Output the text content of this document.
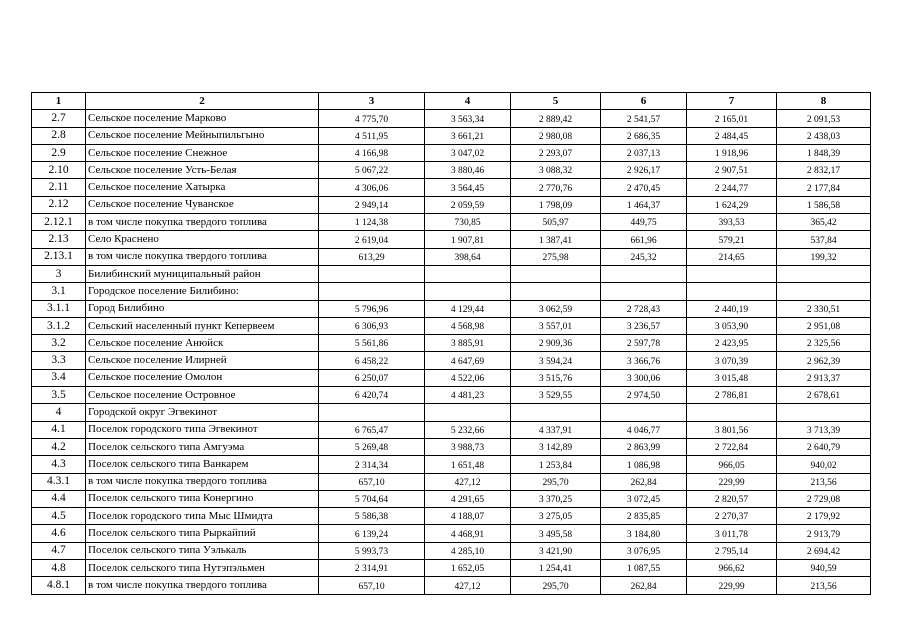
1	2	3	4	5	6	7	8
2.7	Сельское поселение Марково	4 775,70	3 563,34	2 889,42	2 541,57	2 165,01	2 091,53
2.8	Сельское поселение Мейныпильгыно	4 511,95	3 661,21	2 980,08	2 686,35	2 484,45	2 438,03
2.9	Сельское поселение Снежное	4 166,98	3 047,02	2 293,07	2 037,13	1 918,96	1 848,39
2.10	Сельское поселение Усть-Белая	5 067,22	3 880,46	3 088,32	2 926,17	2 907,51	2 832,17
2.11	Сельское поселение Хатырка	4 306,06	3 564,45	2 770,76	2 470,45	2 244,77	2 177,84
2.12	Сельское поселение Чуванское	2 949,14	2 059,59	1 798,09	1 464,37	1 624,29	1 586,58
2.12.1	в том числе покупка твердого топлива	1 124,38	730,85	505,97	449,75	393,53	365,42
2.13	Село Краснено	2 619,04	1 907,81	1 387,41	661,96	579,21	537,84
2.13.1	в том числе покупка твердого топлива	613,29	398,64	275,98	245,32	214,65	199,32
3	Билибинский муниципальный район						
3.1	Городское поселение Билибино:						
3.1.1	Город Билибино	5 796,96	4 129,44	3 062,59	2 728,43	2 440,19	2 330,51
3.1.2	Сельский населенный пункт Кепервеем	6 306,93	4 568,98	3 557,01	3 236,57	3 053,90	2 951,08
3.2	Сельское поселение Анюйск	5 561,86	3 885,91	2 909,36	2 597,78	2 423,95	2 325,56
3.3	Сельское поселение Илирней	6 458,22	4 647,69	3 594,24	3 366,76	3 070,39	2 962,39
3.4	Сельское поселение Омолон	6 250,07	4 522,06	3 515,76	3 300,06	3 015,48	2 913,37
3.5	Сельское поселение Островное	6 420,74	4 481,23	3 529,55	2 974,50	2 786,81	2 678,61
4	Городской округ Эгвекинот						
4.1	Поселок городского типа Эгвекинот	6 765,47	5 232,66	4 337,91	4 046,77	3 801,56	3 713,39
4.2	Поселок сельского типа Амгуэма	5 269,48	3 988,73	3 142,89	2 863,99	2 722,84	2 640,79
4.3	Поселок сельского типа Ванкарем	2 314,34	1 651,48	1 253,84	1 086,98	966,05	940,02
4.3.1	в том числе покупка твердого топлива	657,10	427,12	295,70	262,84	229,99	213,56
4.4	Поселок сельского типа Конергино	5 704,64	4 291,65	3 370,25	3 072,45	2 820,57	2 729,08
4.5	Поселок городского типа Мыс Шмидта	5 586,38	4 188,07	3 275,05	2 835,85	2 270,37	2 179,92
4.6	Поселок сельского типа Рыркайпий	6 139,24	4 468,91	3 495,58	3 184,80	3 011,78	2 913,79
4.7	Поселок сельского типа Уэлькаль	5 993,73	4 285,10	3 421,90	3 076,95	2 795,14	2 694,42
4.8	Поселок сельского типа Нутэпэльмен	2 314,91	1 652,05	1 254,41	1 087,55	966,62	940,59
4.8.1	в том числе покупка твердого топлива	657,10	427,12	295,70	262,84	229,99	213,56
